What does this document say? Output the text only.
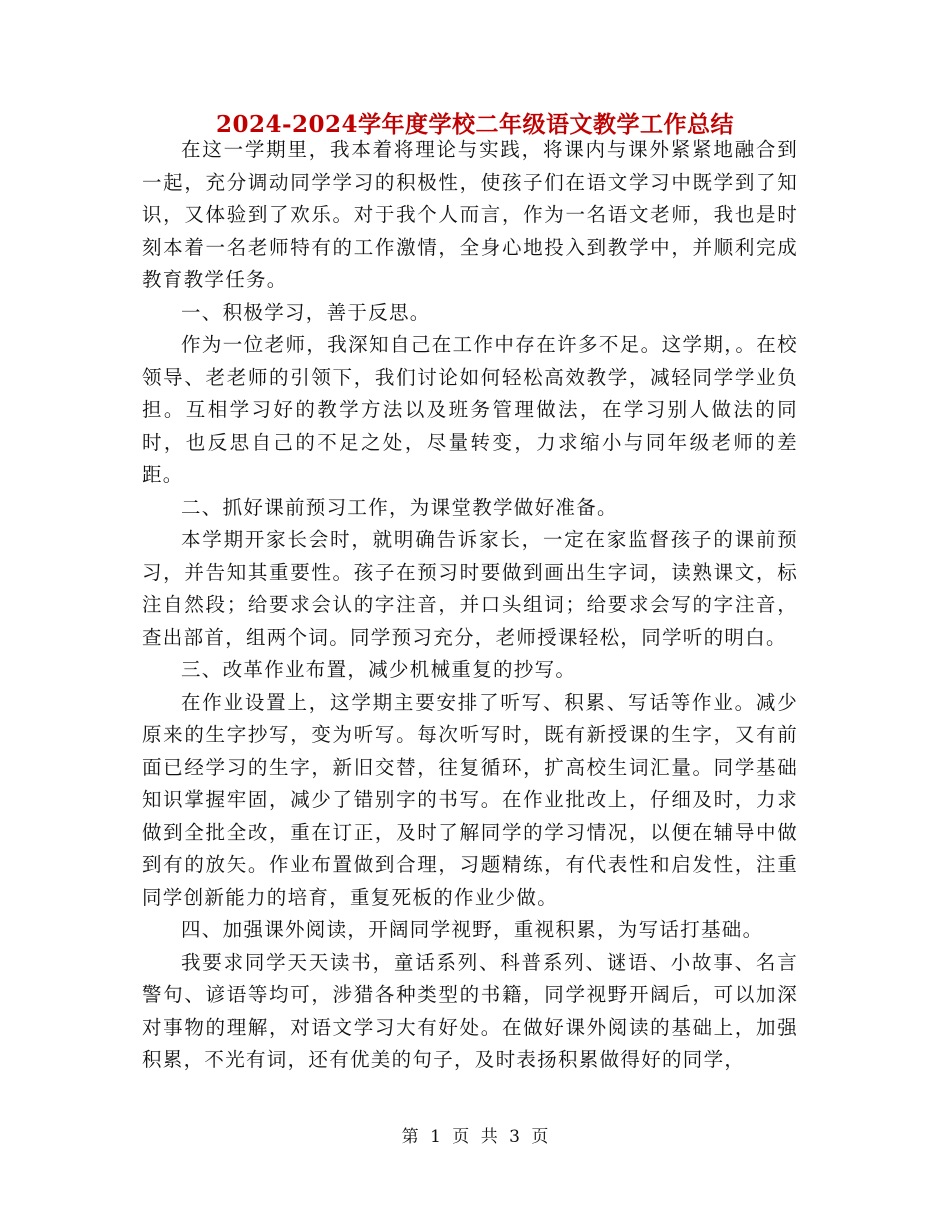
2024-2024学年度学校二年级语文教学工作总结

在这一学期里，我本着将理论与实践，将课内与课外紧紧地融合到一起，充分调动同学学习的积极性，使孩子们在语文学习中既学到了知识，又体验到了欢乐。对于我个人而言，作为一名语文老师，我也是时刻本着一名老师特有的工作激情，全身心地投入到教学中，并顺利完成教育教学任务。

一、积极学习，善于反思。

作为一位老师，我深知自己在工作中存在许多不足。这学期，。在校领导、老老师的引领下，我们讨论如何轻松高效教学，减轻同学学业负担。互相学习好的教学方法以及班务管理做法，在学习别人做法的同时，也反思自己的不足之处，尽量转变，力求缩小与同年级老师的差距。

二、抓好课前预习工作，为课堂教学做好准备。

本学期开家长会时，就明确告诉家长，一定在家监督孩子的课前预习，并告知其重要性。孩子在预习时要做到画出生字词，读熟课文，标注自然段；给要求会认的字注音，并口头组词；给要求会写的字注音，查出部首，组两个词。同学预习充分，老师授课轻松，同学听的明白。

三、改革作业布置，减少机械重复的抄写。

在作业设置上，这学期主要安排了听写、积累、写话等作业。减少原来的生字抄写，变为听写。每次听写时，既有新授课的生字，又有前面已经学习的生字，新旧交替，往复循环，扩高校生词汇量。同学基础知识掌握牢固，减少了错别字的书写。在作业批改上，仔细及时，力求做到全批全改，重在订正，及时了解同学的学习情况，以便在辅导中做到有的放矢。作业布置做到合理，习题精练，有代表性和启发性，注重同学创新能力的培育，重复死板的作业少做。

四、加强课外阅读，开阔同学视野，重视积累，为写话打基础。

我要求同学天天读书，童话系列、科普系列、谜语、小故事、名言警句、谚语等均可，涉猎各种类型的书籍，同学视野开阔后，可以加深对事物的理解，对语文学习大有好处。在做好课外阅读的基础上，加强积累，不光有词，还有优美的句子，及时表扬积累做得好的同学，

第 1 页 共 3 页
